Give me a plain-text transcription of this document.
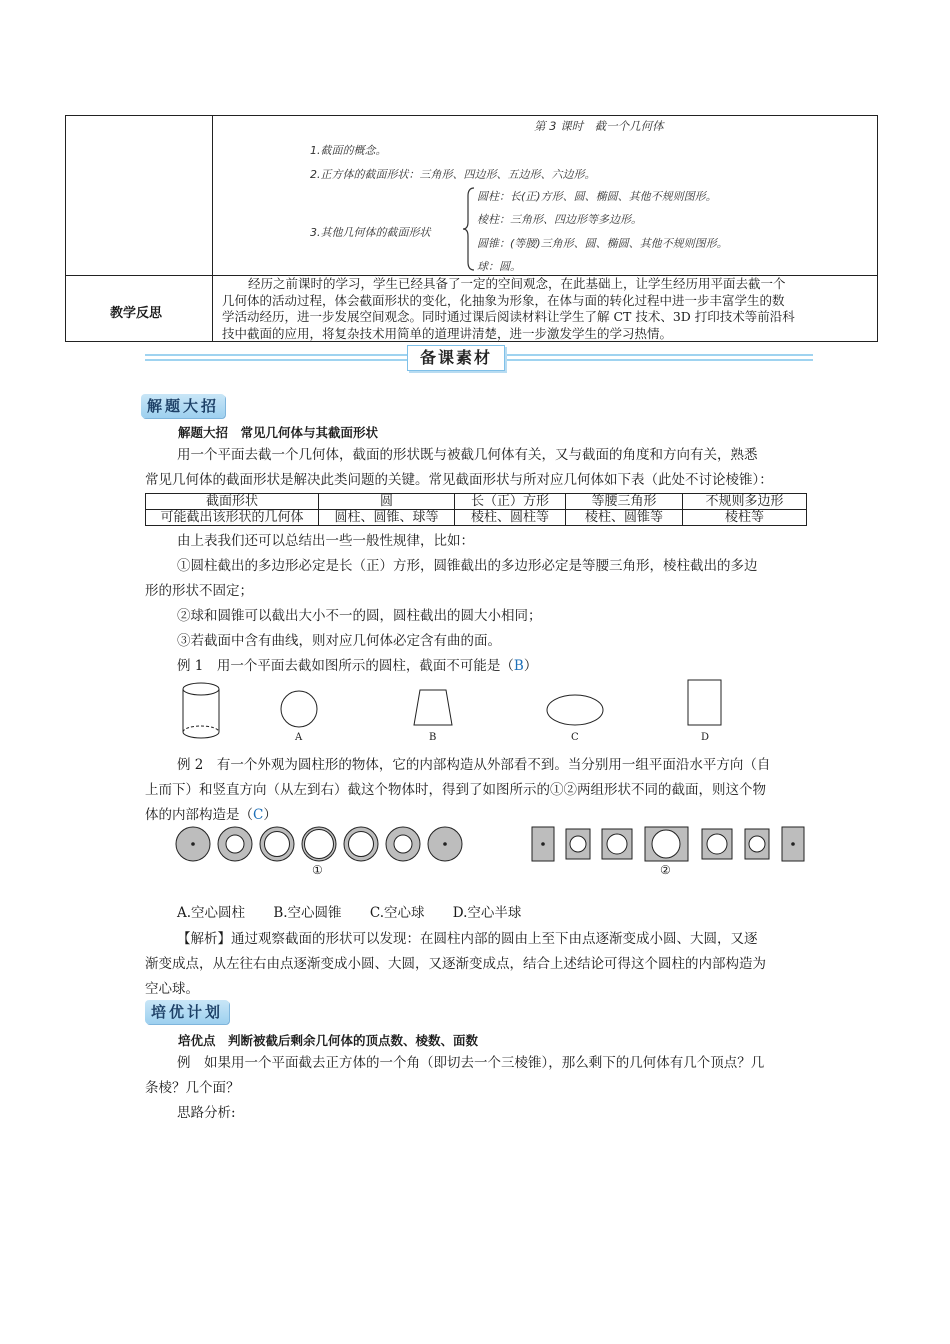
第 3 课时　截一个几何体
1.截面的概念。
2.正方体的截面形状：三角形、四边形、五边形、六边形。
3.其他几何体的截面形状
圆柱：长(正)方形、圆、椭圆、其他不规则图形。
棱柱：三角形、四边形等多边形。
圆锥：(等腰)三角形、圆、椭圆、其他不规则图形。
球：圆。
教学反思
经历之前课时的学习，学生已经具备了一定的空间观念，在此基础上，让学生经历用平面去截一个
几何体的活动过程，体会截面形状的变化，化抽象为形象，在体与面的转化过程中进一步丰富学生的数
学活动经历，进一步发展空间观念。同时通过课后阅读材料让学生了解 CT 技术、3D 打印技术等前沿科
技中截面的应用，将复杂技术用简单的道理讲清楚，进一步激发学生的学习热情。
备课素材
解题大招
解题大招　常见几何体与其截面形状
用一个平面去截一个几何体，截面的形状既与被截几何体有关，又与截面的角度和方向有关，熟悉
常见几何体的截面形状是解决此类问题的关键。常见截面形状与所对应几何体如下表（此处不讨论棱锥）：
截面形状	圆	长（正）方形	等腰三角形	不规则多边形
可能截出该形状的几何体	圆柱、圆锥、球等	棱柱、圆柱等	棱柱、圆锥等	棱柱等
由上表我们还可以总结出一些一般性规律，比如：
①圆柱截出的多边形必定是长（正）方形，圆锥截出的多边形必定是等腰三角形，棱柱截出的多边
形的形状不固定；
②球和圆锥可以截出大小不一的圆，圆柱截出的圆大小相同；
③若截面中含有曲线，则对应几何体必定含有曲的面。
例 1　用一个平面去截如图所示的圆柱，截面不可能是（B）
A	B	C	D
例 2　有一个外观为圆柱形的物体，它的内部构造从外部看不到。当分别用一组平面沿水平方向（自
上而下）和竖直方向（从左到右）截这个物体时，得到了如图所示的①②两组形状不同的截面，则这个物
体的内部构造是（C）
①	②
A.空心圆柱 B.空心圆锥 C.空心球 D.空心半球
【解析】通过观察截面的形状可以发现：在圆柱内部的圆由上至下由点逐渐变成小圆、大圆，又逐
渐变成点，从左往右由点逐渐变成小圆、大圆，又逐渐变成点，结合上述结论可得这个圆柱的内部构造为
空心球。
培优计划
培优点　判断被截后剩余几何体的顶点数、棱数、面数
例　如果用一个平面截去正方体的一个角（即切去一个三棱锥），那么剩下的几何体有几个顶点？几
条棱？几个面？
思路分析:
